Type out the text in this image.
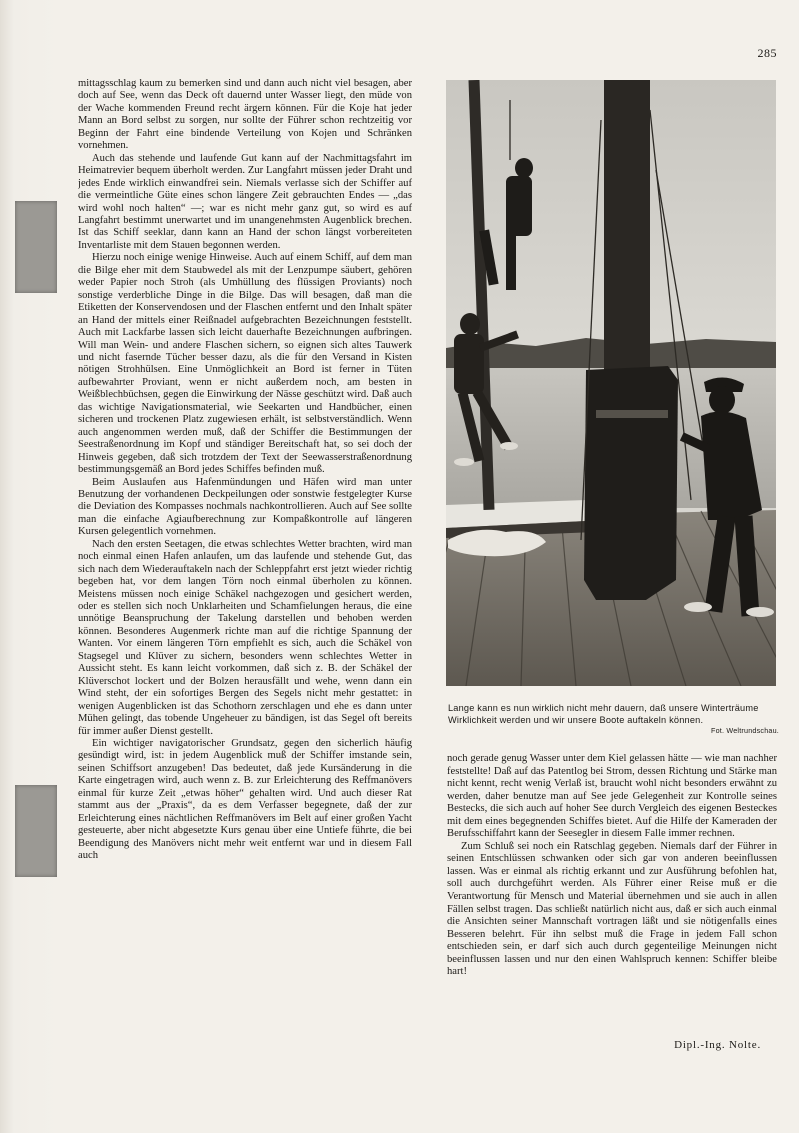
285

mittagsschlag kaum zu bemerken sind und dann auch nicht viel besagen, aber doch auf See, wenn das Deck oft dauernd unter Wasser liegt, den müde von der Wache kommenden Freund recht ärgern können. Für die Koje hat jeder Mann an Bord selbst zu sorgen, nur sollte der Führer schon rechtzeitig vor Beginn der Fahrt eine bindende Verteilung von Kojen und Schränken vornehmen.

Auch das stehende und laufende Gut kann auf der Nachmittagsfahrt im Heimatrevier bequem überholt werden. Zur Langfahrt müssen jeder Draht und jedes Ende wirklich einwandfrei sein. Niemals verlasse sich der Schiffer auf die vermeintliche Güte eines schon längere Zeit gebrauchten Endes — „das wird wohl noch halten“ —; war es nicht mehr ganz gut, so wird es auf Langfahrt bestimmt unerwartet und im unangenehmsten Augenblick brechen. Ist das Schiff seeklar, dann kann an Hand der schon längst vorbereiteten Inventarliste mit dem Stauen begonnen werden.

Hierzu noch einige wenige Hinweise. Auch auf einem Schiff, auf dem man die Bilge eher mit dem Staubwedel als mit der Lenzpumpe säubert, gehören weder Papier noch Stroh (als Umhüllung des flüssigen Proviants) noch sonstige verderbliche Dinge in die Bilge. Das will besagen, daß man die Etiketten der Konservendosen und der Flaschen entfernt und den Inhalt später an Hand der mittels einer Reißnadel aufgebrachten Bezeichnungen feststellt. Auch mit Lackfarbe lassen sich leicht dauerhafte Bezeichnungen aufbringen. Will man Wein- und andere Flaschen sichern, so eignen sich altes Tauwerk und nicht fasernde Tücher besser dazu, als die für den Versand in Kisten nötigen Strohhülsen. Eine Unmöglichkeit an Bord ist ferner in Tüten aufbewahrter Proviant, wenn er nicht außerdem noch, am besten in Weißblechbüchsen, gegen die Einwirkung der Nässe geschützt wird. Daß auch das wichtige Navigationsmaterial, wie Seekarten und Handbücher, einen sicheren und trockenen Platz zugewiesen erhält, ist selbstverständlich. Wenn auch angenommen werden muß, daß der Schiffer die Bestimmungen der Seestraßenordnung im Kopf und ständiger Bereitschaft hat, so sei doch der Hinweis gegeben, daß sich trotzdem der Text der Seewasserstraßenordnung bestimmungsgemäß an Bord jedes Schiffes befinden muß.

Beim Auslaufen aus Hafenmündungen und Häfen wird man unter Benutzung der vorhandenen Deckpeilungen oder sonstwie festgelegter Kurse die Deviation des Kompasses nochmals nachkontrollieren. Auch auf See sollte man die einfache Agiaufberechnung zur Kompaßkontrolle auf längeren Kursen gelegentlich vornehmen.

Nach den ersten Seetagen, die etwas schlechtes Wetter brachten, wird man noch einmal einen Hafen anlaufen, um das laufende und stehende Gut, das sich nach dem Wiederauftakeln nach der Schleppfahrt erst jetzt wieder richtig begeben hat, vor dem langen Törn noch einmal überholen zu können. Meistens müssen noch einige Schäkel nachgezogen und gesichert werden, oder es stellen sich noch Unklarheiten und Schamfielungen heraus, die eine unnötige Beanspruchung der Takelung darstellen und behoben werden können. Besonderes Augenmerk richte man auf die richtige Spannung der Wanten. Vor einem längeren Törn empfiehlt es sich, auch die Schäkel von Stagsegel und Klüver zu sichern, besonders wenn schlechtes Wetter in Aussicht steht. Es kann leicht vorkommen, daß sich z. B. der Schäkel der Klüverschot lockert und der Bolzen herausfällt und wehe, wenn dann ein Wind steht, der ein sofortiges Bergen des Segels nicht mehr gestattet: in wenigen Augenblicken ist das Schothorn zerschlagen und ehe es dann unter Mühen gelingt, das tobende Ungeheuer zu bändigen, ist das Segel oft bereits für immer außer Dienst gestellt.

Ein wichtiger navigatorischer Grundsatz, gegen den sicherlich häufig gesündigt wird, ist: in jedem Augenblick muß der Schiffer imstande sein, seinen Schiffsort anzugeben! Das bedeutet, daß jede Kursänderung in die Karte eingetragen wird, auch wenn z. B. zur Erleichterung des Reffmanövers einmal für kurze Zeit „etwas höher“ gehalten wird. Und auch dieser Rat stammt aus der „Praxis“, da es dem Verfasser begegnete, daß der zur Erleichterung eines nächtlichen Reffmanövers im Belt auf einer großen Yacht gesteuerte, aber nicht abgesetzte Kurs genau über eine Untiefe führte, die bei Beendigung des Manövers nicht mehr weit entfernt war und in diesem Fall auch

Lange kann es nun wirklich nicht mehr dauern, daß unsere Winterträume Wirklichkeit werden und wir unsere Boote auftakeln können.
Fot. Weltrundschau.

noch gerade genug Wasser unter dem Kiel gelassen hätte — wie man nachher feststellte! Daß auf das Patentlog bei Strom, dessen Richtung und Stärke man nicht kennt, recht wenig Verlaß ist, braucht wohl nicht besonders erwähnt zu werden, daher benutze man auf See jede Gelegenheit zur Kontrolle seines Bestecks, die sich auch auf hoher See durch Vergleich des eigenen Besteckes mit dem eines begegnenden Schiffes bietet. Auf die Hilfe der Kameraden der Berufsschiffahrt kann der Seesegler in diesem Falle immer rechnen.

Zum Schluß sei noch ein Ratschlag gegeben. Niemals darf der Führer in seinen Entschlüssen schwanken oder sich gar von anderen beeinflussen lassen. Was er einmal als richtig erkannt und zur Ausführung befohlen hat, soll auch durchgeführt werden. Als Führer einer Reise muß er die Verantwortung für Mensch und Material übernehmen und sie auch in allen Fällen selbst tragen. Das schließt natürlich nicht aus, daß er sich auch einmal die Ansichten seiner Mannschaft vortragen läßt und sie nötigenfalls eines Besseren belehrt. Für ihn selbst muß die Frage in jedem Fall schon entschieden sein, er darf sich auch durch gegenteilige Meinungen nicht beeinflussen lassen und nur den einen Wahlspruch kennen: Schiffer bleibe hart!

Dipl.-Ing. Nolte.
